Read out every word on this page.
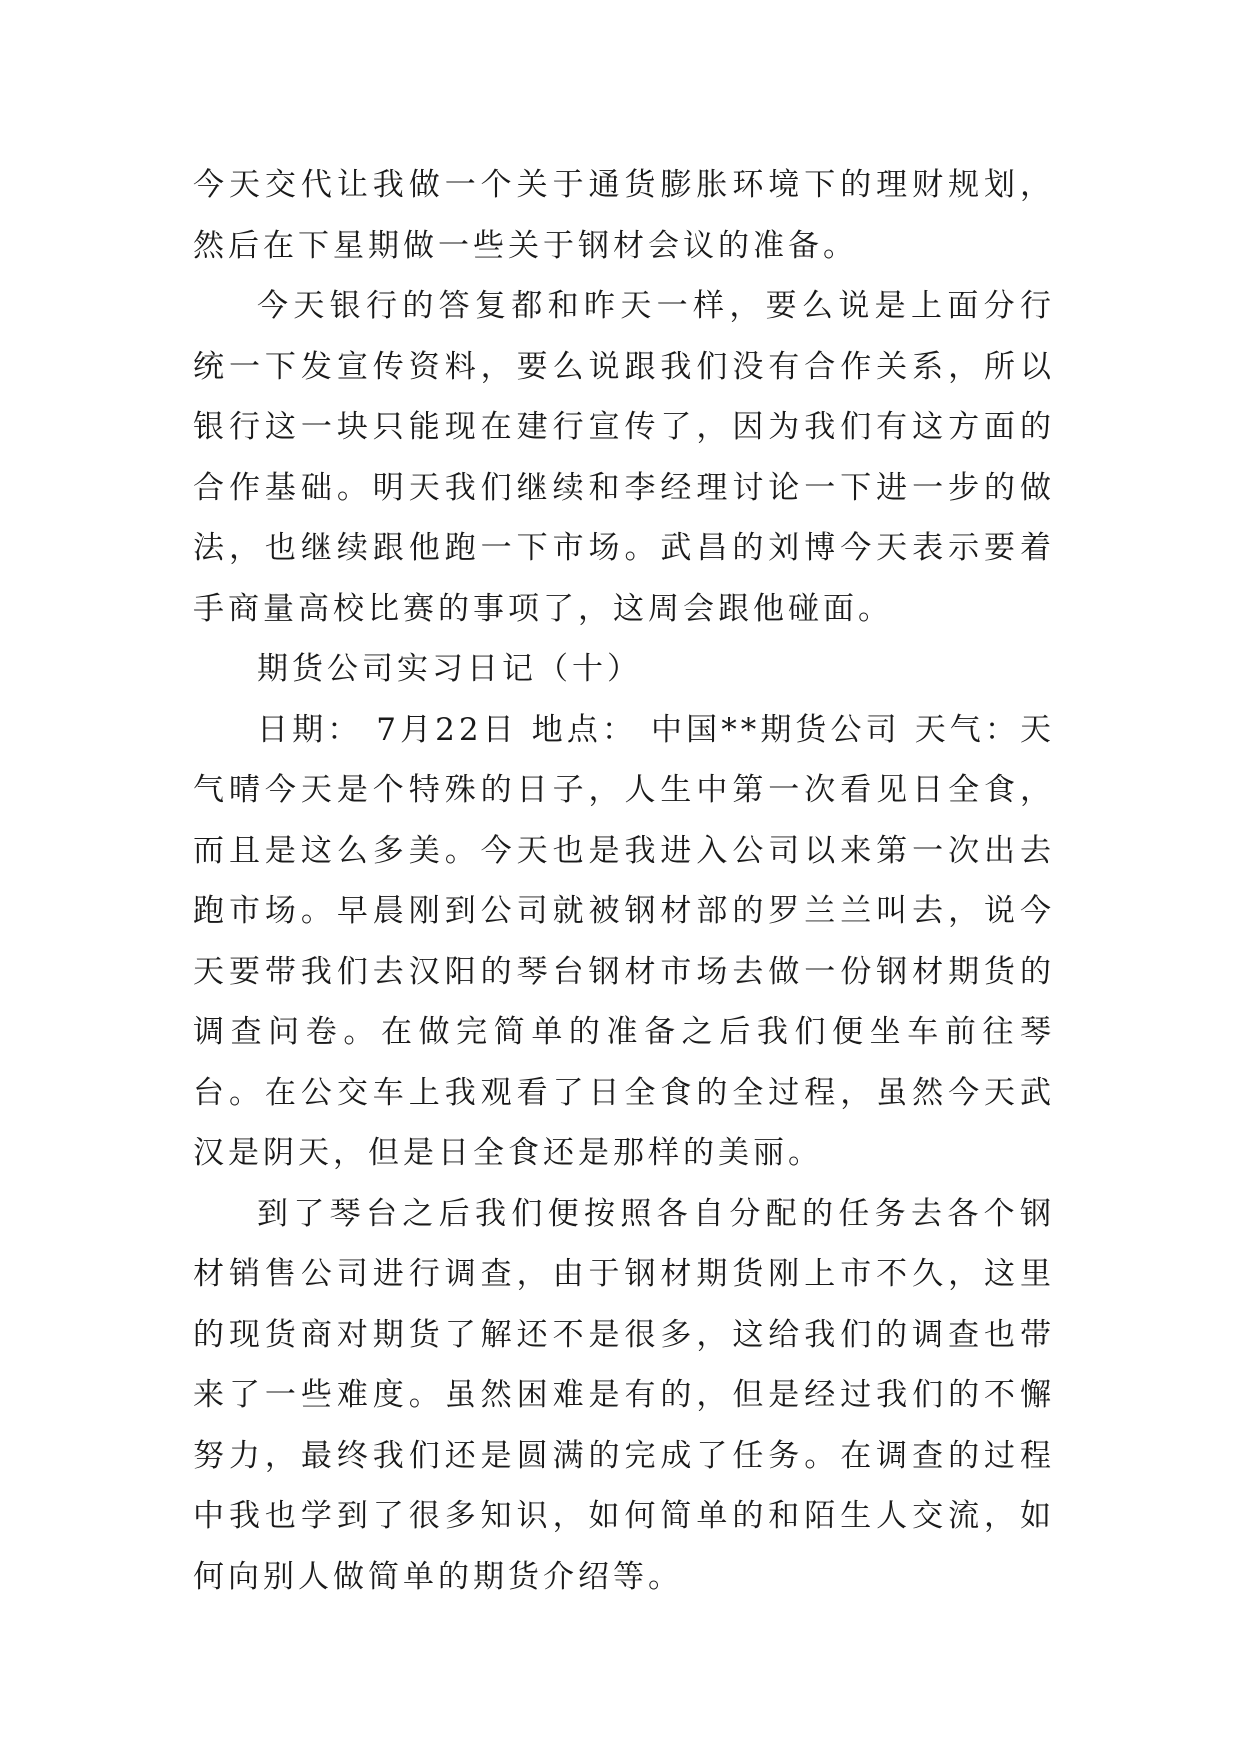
今天交代让我做一个关于通货膨胀环境下的理财规划，然后在下星期做一些关于钢材会议的准备。

今天银行的答复都和昨天一样，要么说是上面分行统一下发宣传资料，要么说跟我们没有合作关系，所以银行这一块只能现在建行宣传了，因为我们有这方面的合作基础。明天我们继续和李经理讨论一下进一步的做法，也继续跟他跑一下市场。武昌的刘博今天表示要着手商量高校比赛的事项了，这周会跟他碰面。

期货公司实习日记（十）

日期： 7月22日 地点： 中国**期货公司 天气：天气晴今天是个特殊的日子，人生中第一次看见日全食，而且是这么多美。今天也是我进入公司以来第一次出去跑市场。早晨刚到公司就被钢材部的罗兰兰叫去，说今天要带我们去汉阳的琴台钢材市场去做一份钢材期货的调查问卷。在做完简单的准备之后我们便坐车前往琴台。在公交车上我观看了日全食的全过程，虽然今天武汉是阴天，但是日全食还是那样的美丽。

到了琴台之后我们便按照各自分配的任务去各个钢材销售公司进行调查，由于钢材期货刚上市不久，这里的现货商对期货了解还不是很多，这给我们的调查也带来了一些难度。虽然困难是有的，但是经过我们的不懈努力，最终我们还是圆满的完成了任务。在调查的过程中我也学到了很多知识，如何简单的和陌生人交流，如何向别人做简单的期货介绍等。
